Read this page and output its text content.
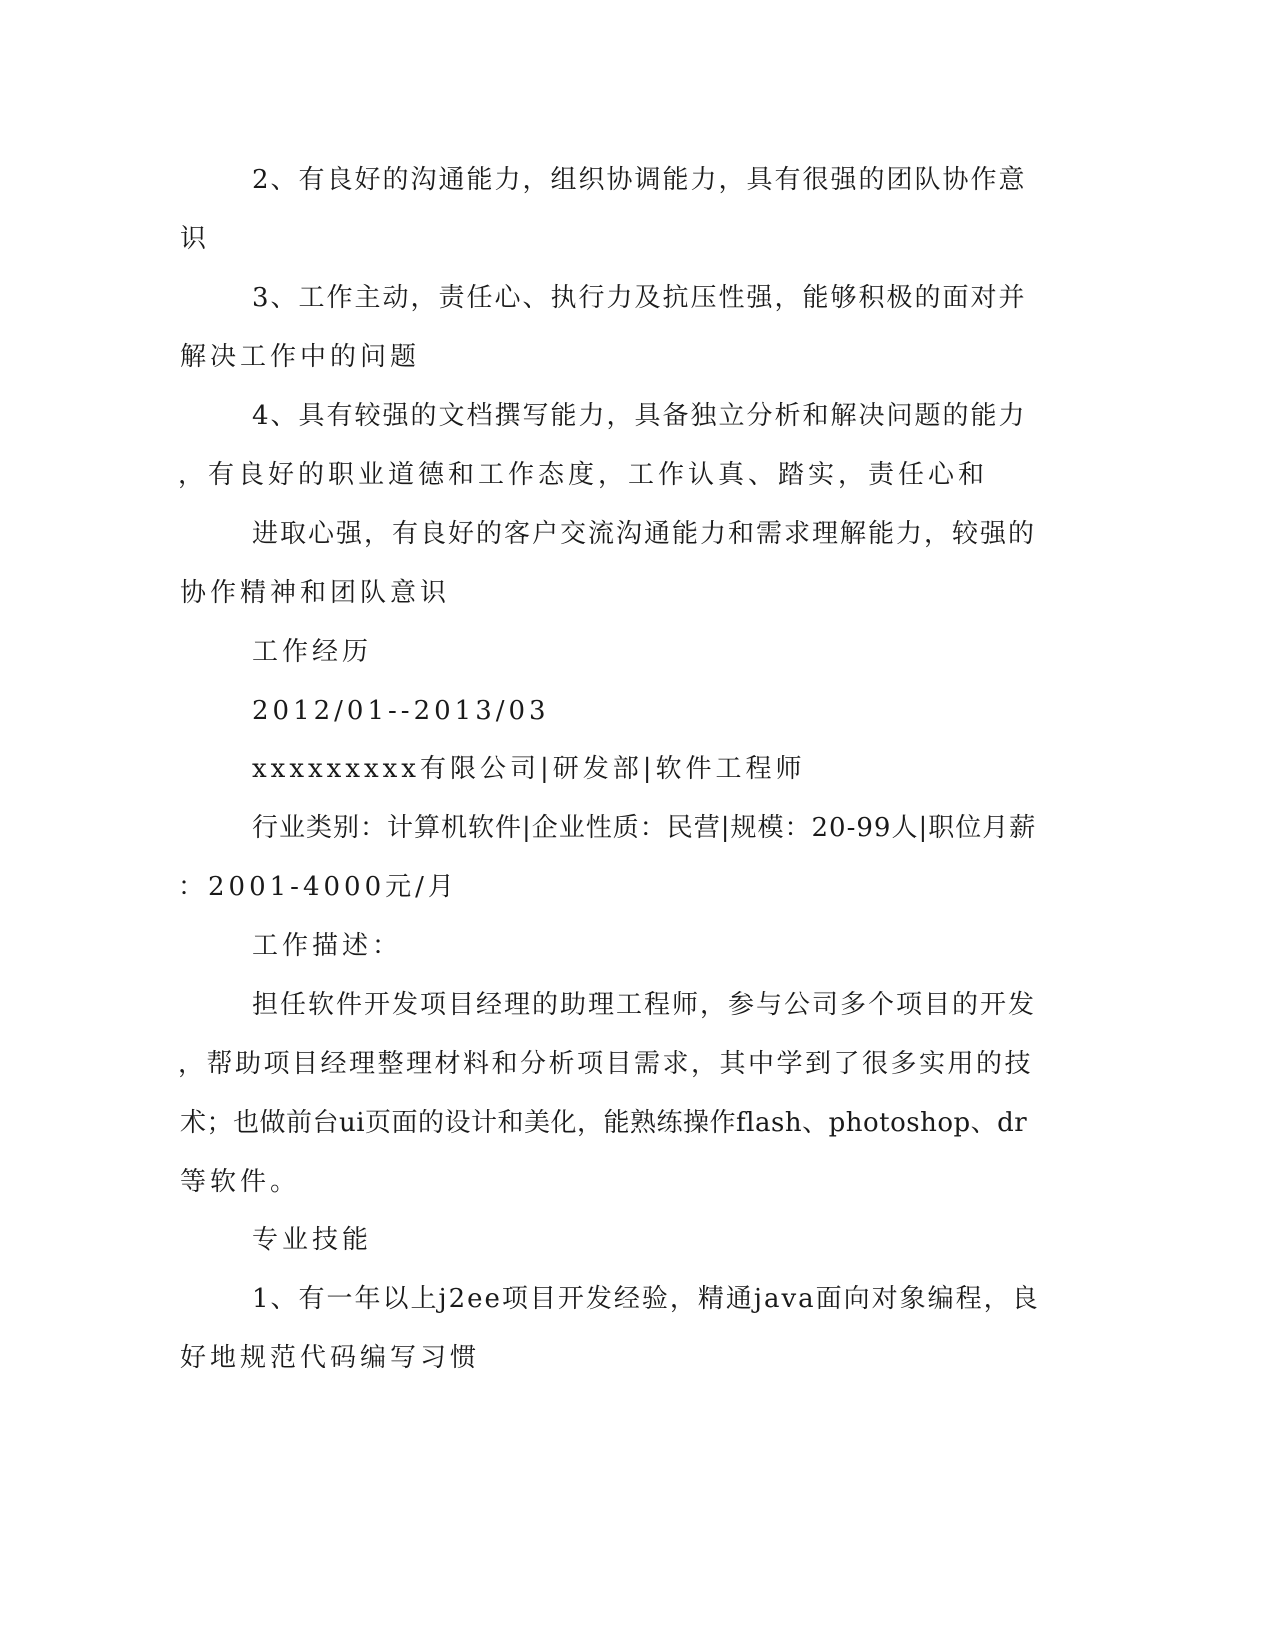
2、有良好的沟通能力，组织协调能力，具有很强的团队协作意
识
3、工作主动，责任心、执行力及抗压性强，能够积极的面对并
解决工作中的问题
4、具有较强的文档撰写能力，具备独立分析和解决问题的能力
，有良好的职业道德和工作态度，工作认真、踏实，责任心和
进取心强，有良好的客户交流沟通能力和需求理解能力，较强的
协作精神和团队意识
工作经历
2012/01--2013/03
xxxxxxxxx有限公司|研发部|软件工程师
行业类别：计算机软件|企业性质：民营|规模：20-99人|职位月薪
：2001-4000元/月
工作描述：
担任软件开发项目经理的助理工程师，参与公司多个项目的开发
，帮助项目经理整理材料和分析项目需求，其中学到了很多实用的技
术；也做前台ui页面的设计和美化，能熟练操作flash、photoshop、dr
等软件。
专业技能
1、有一年以上j2ee项目开发经验，精通java面向对象编程，良
好地规范代码编写习惯
